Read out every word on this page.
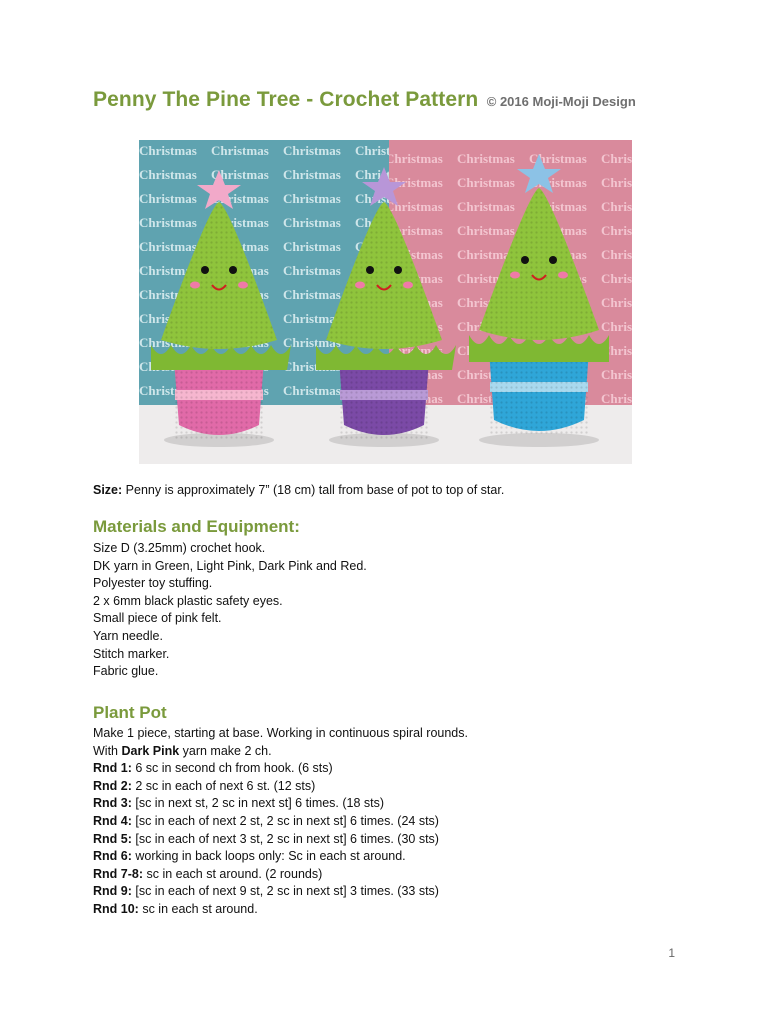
Penny The Pine Tree - Crochet Pattern © 2016 Moji-Moji Design
Size: Penny is approximately 7” (18 cm) tall from base of pot to top of star.
Materials and Equipment:
Size D (3.25mm) crochet hook.
DK yarn in Green, Light Pink, Dark Pink and Red.
Polyester toy stuffing.
2 x 6mm black plastic safety eyes.
Small piece of pink felt.
Yarn needle.
Stitch marker.
Fabric glue.
Plant Pot
Make 1 piece, starting at base. Working in continuous spiral rounds.
With Dark Pink yarn make 2 ch.
Rnd 1: 6 sc in second ch from hook. (6 sts)
Rnd 2: 2 sc in each of next 6 st. (12 sts)
Rnd 3: [sc in next st, 2 sc in next st] 6 times. (18 sts)
Rnd 4: [sc in each of next 2 st, 2 sc in next st] 6 times. (24 sts)
Rnd 5: [sc in each of next 3 st, 2 sc in next st] 6 times. (30 sts)
Rnd 6: working in back loops only: Sc in each st around.
Rnd 7-8: sc in each st around. (2 rounds)
Rnd 9: [sc in each of next 9 st, 2 sc in next st] 3 times. (33 sts)
Rnd 10: sc in each st around.
1
